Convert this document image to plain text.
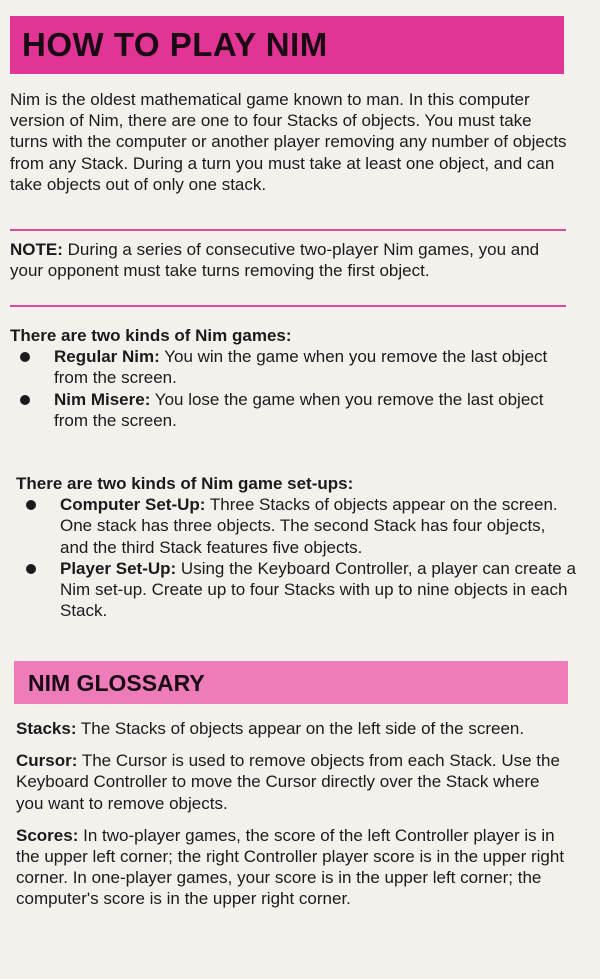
HOW TO PLAY NIM

Nim is the oldest mathematical game known to man. In this computer version of Nim, there are one to four Stacks of objects. You must take turns with the computer or another player removing any number of objects from any Stack. During a turn you must take at least one object, and can take objects out of only one stack.

NOTE: During a series of consecutive two-player Nim games, you and your opponent must take turns removing the first object.

There are two kinds of Nim games:

Regular Nim: You win the game when you remove the last object from the screen.
Nim Misere: You lose the game when you remove the last object from the screen.

There are two kinds of Nim game set-ups:

Computer Set-Up: Three Stacks of objects appear on the screen. One stack has three objects. The second Stack has four objects, and the third Stack features five objects.
Player Set-Up: Using the Keyboard Controller, a player can create a Nim set-up. Create up to four Stacks with up to nine objects in each Stack.
NIM GLOSSARY

Stacks: The Stacks of objects appear on the left side of the screen.

Cursor: The Cursor is used to remove objects from each Stack. Use the Keyboard Controller to move the Cursor directly over the Stack where you want to remove objects.

Scores: In two-player games, the score of the left Controller player is in the upper left corner; the right Controller player score is in the upper right corner. In one-player games, your score is in the upper left corner; the computer's score is in the upper right corner.
